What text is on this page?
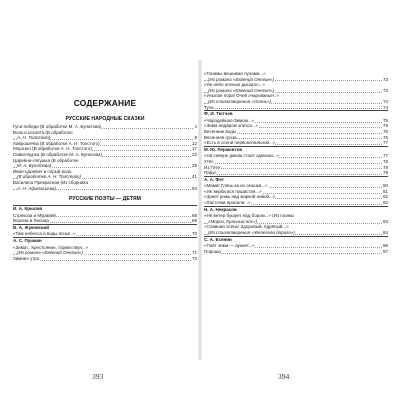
СОДЕРЖАНИЕ
РУССКИЕ НАРОДНЫЕ СКАЗКИ
Гуси-лебеди (В обработке М. А. Булатова)	4
Волк и козлята (В обработке
А. Н. Толстого)	8
Хаврошечка (В обработке А. Н. Толстого)	12
Морозко (В обработке А. Н. Толстого)	17
Сивка-Бурка (В обработке М. А. Булатова)	22
Царевна-лягушка (В обработке
М. А. Булатова)	29
Иван-царевич и серый волк.
(В обработке А. Н. Толстого)	41
Василиса Прекрасная (Из сборника
А. Н. Афанасьева)	54
РУССКИЕ ПОЭТЫ — ДЕТЯМ
И. А. Крылов
Стрекоза и Муравей	68
Ворона и Лисица	69
В. А. Жуковский
«Там небесса и воды ясны!..»	70
А. С. Пушкин
«Зима!.. Крестьянин, торжествуя...»
(Из романа «Евгений Онегин»)	71
Зимнее утро	72
«Гонимы вешними лучами...»
(Из романа «Евгений Онегин»)	73
«Уж небо осенью дышало...»
(Из романа «Евгений Онегин»)	73
«Унылая пора! Очей очарованье!..»
(Из стихотворения «Осень»)	74
Туча	74
Ф. И. Тютчев
«Чародейкою-Зимою...»	75
«Зима недаром злится...»	75
Весенние воды	76
Весенняя гроза	76
«Есть в осени первоначальной...»	77
М. Ю. Лермонтов
«На севере диком стоит одиноко...»	77
Утёс	78
Из Гёте	79
Парус	79
А. А. Фет
«Мама! Глянь-ка из окошка...»	80
«Уж верба вся пушистая...»	81
«Зреет рожь над жаркой нивой...»	82
«Ласточки пропали...»	82
Н. А. Некрасов
«Не ветер бушует над бором...» (Из поэмы
«Мороз, Красный нос»)	83
«Славная осень! Здоровый, ядрёный...»
(Из стихотворения «Железная дорога»)	84
С. А. Есенин
«Поёт зима — аукает...»	86
Пороша	87
393	394
